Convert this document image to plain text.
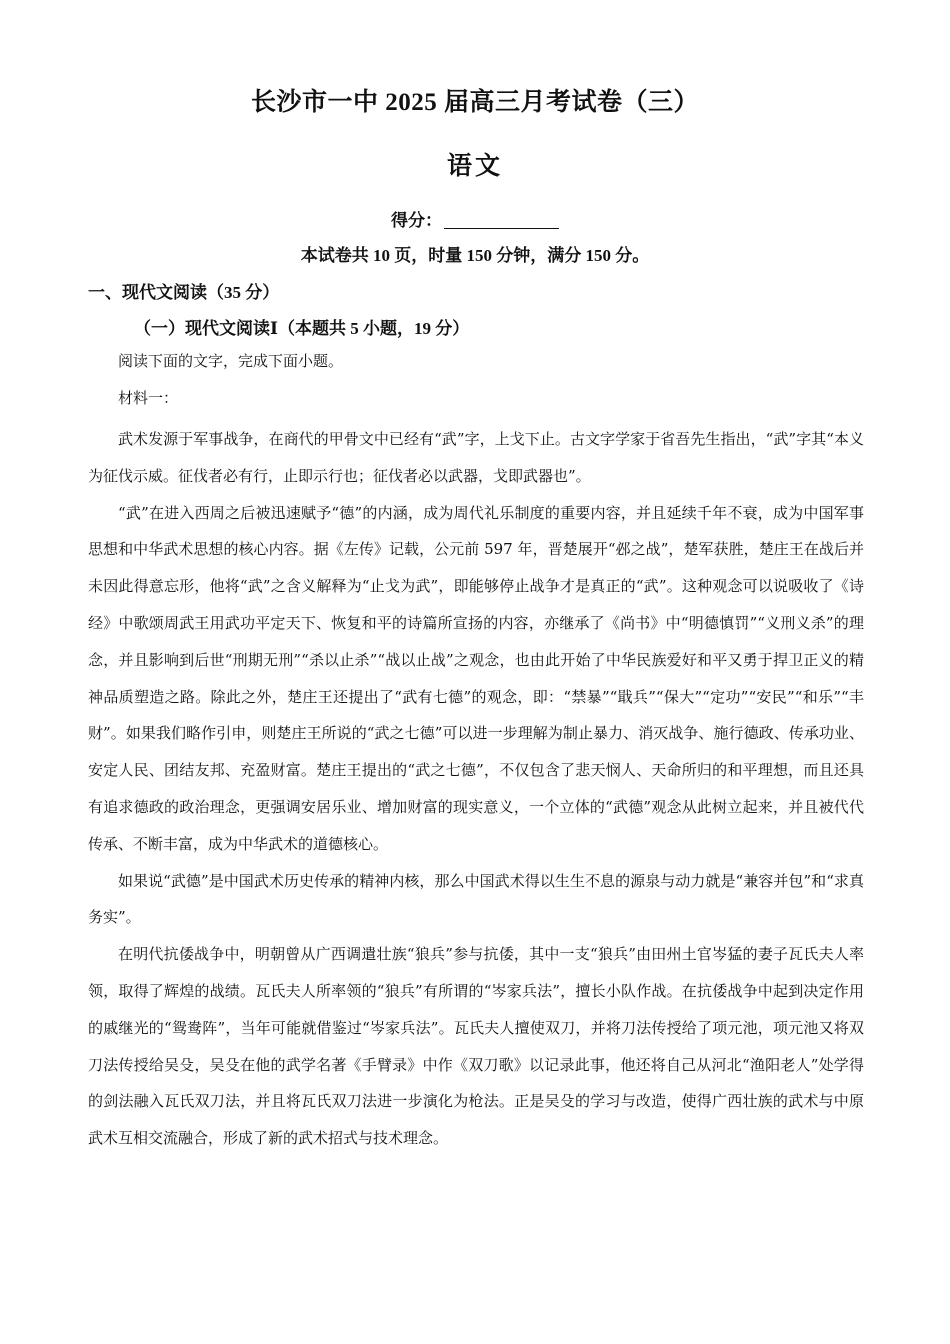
长沙市一中 2025 届高三月考试卷（三）
语文
得分：
本试卷共 10 页，时量 150 分钟，满分 150 分。
一、现代文阅读（35 分）
（一）现代文阅读Ⅰ（本题共 5 小题，19 分）
阅读下面的文字，完成下面小题。
材料一：

武术发源于军事战争，在商代的甲骨文中已经有“武”字，上戈下止。古文字学家于省吾先生指出，“武”字其“本义为征伐示威。征伐者必有行，止即示行也；征伐者必以武器，戈即武器也”。

“武”在进入西周之后被迅速赋予“德”的内涵，成为周代礼乐制度的重要内容，并且延续千年不衰，成为中国军事思想和中华武术思想的核心内容。据《左传》记载，公元前 597 年，晋楚展开“邲之战”，楚军获胜，楚庄王在战后并未因此得意忘形，他将“武”之含义解释为“止戈为武”，即能够停止战争才是真正的“武”。这种观念可以说吸收了《诗经》中歌颂周武王用武功平定天下、恢复和平的诗篇所宣扬的内容，亦继承了《尚书》中“明德慎罚”“义刑义杀”的理念，并且影响到后世“刑期无刑”“杀以止杀”“战以止战”之观念，也由此开始了中华民族爱好和平又勇于捍卫正义的精神品质塑造之路。除此之外，楚庄王还提出了“武有七德”的观念，即：“禁暴”“戢兵”“保大”“定功”“安民”“和乐”“丰财”。如果我们略作引申，则楚庄王所说的“武之七德”可以进一步理解为制止暴力、消灭战争、施行德政、传承功业、安定人民、团结友邦、充盈财富。楚庄王提出的“武之七德”，不仅包含了悲天悯人、天命所归的和平理想，而且还具有追求德政的政治理念，更强调安居乐业、增加财富的现实意义，一个立体的“武德”观念从此树立起来，并且被代代传承、不断丰富，成为中华武术的道德核心。

如果说“武德”是中国武术历史传承的精神内核，那么中国武术得以生生不息的源泉与动力就是“兼容并包”和“求真务实”。

在明代抗倭战争中，明朝曾从广西调遣壮族“狼兵”参与抗倭，其中一支“狼兵”由田州土官岑猛的妻子瓦氏夫人率领，取得了辉煌的战绩。瓦氏夫人所率领的“狼兵”有所谓的“岑家兵法”，擅长小队作战。在抗倭战争中起到决定作用的戚继光的“鸳鸯阵”，当年可能就借鉴过“岑家兵法”。瓦氏夫人擅使双刀，并将刀法传授给了项元池，项元池又将双刀法传授给吴殳，吴殳在他的武学名著《手臂录》中作《双刀歌》以记录此事，他还将自己从河北“渔阳老人”处学得的剑法融入瓦氏双刀法，并且将瓦氏双刀法进一步演化为枪法。正是吴殳的学习与改造，使得广西壮族的武术与中原武术互相交流融合，形成了新的武术招式与技术理念。
